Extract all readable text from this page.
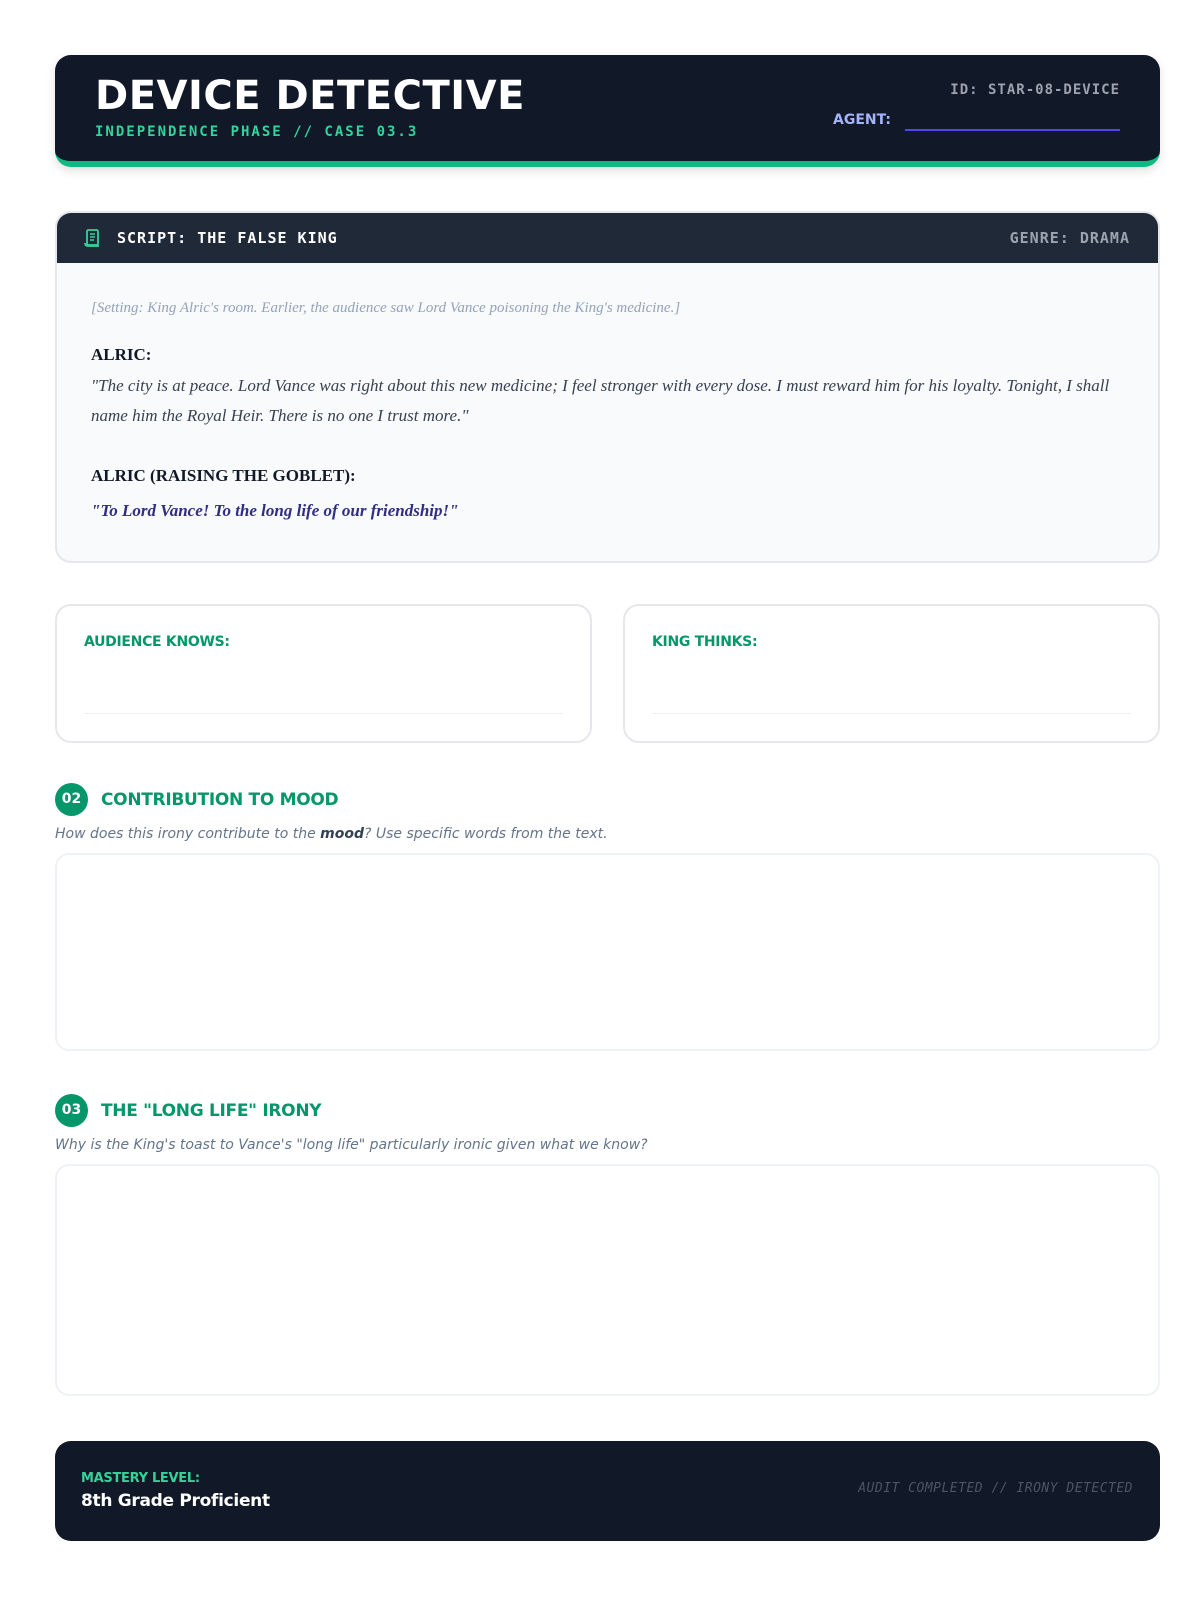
DEVICE DETECTIVE
INDEPENDENCE PHASE // CASE 03.3
ID: STAR-08-DEVICE
AGENT:
SCRIPT: THE FALSE KING	GENRE: DRAMA
[Setting: King Alric's room. Earlier, the audience saw Lord Vance poisoning the King's medicine.]
ALRIC:
"The city is at peace. Lord Vance was right about this new medicine; I feel stronger with every dose. I must reward him for his loyalty. Tonight, I shall name him the Royal Heir. There is no one I trust more."
ALRIC (RAISING THE GOBLET):
"To Lord Vance! To the long life of our friendship!"
AUDIENCE KNOWS:	KING THINKS:
02	CONTRIBUTION TO MOOD
How does this irony contribute to the mood? Use specific words from the text.
03	THE "LONG LIFE" IRONY
Why is the King's toast to Vance's "long life" particularly ironic given what we know?
MASTERY LEVEL:
8th Grade Proficient
AUDIT COMPLETED // IRONY DETECTED
